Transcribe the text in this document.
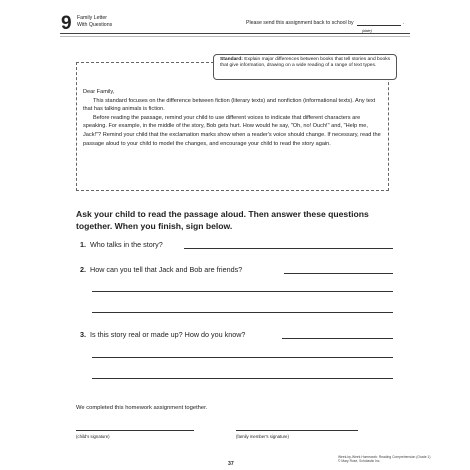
9 Family Letter
With Questions	Please send this assignment back to school by	.
(date)
Standard: Explain major differences between books that tell stories and books that give information, drawing on a wide reading of a range of text types.

Dear Family,

This standard focuses on the difference between fiction (literary texts) and nonfiction (informational texts). Any text that has talking animals is fiction.

Before reading the passage, remind your child to use different voices to indicate that different characters are speaking. For example, in the middle of the story, Bob gets hurt. How would he say, "Oh, no! Ouch!" and, "Help me, Jack!"? Remind your child that the exclamation marks show when a reader's voice should change. If necessary, read the passage aloud to your child to model the changes, and encourage your child to read the story again.

Ask your child to read the passage aloud. Then answer these questions together. When you finish, sign below.
1. Who talks in the story?
2. How can you tell that Jack and Bob are friends?
3. Is this story real or made up? How do you know?
We completed this homework assignment together.
(child's signature)	(family member's signature)
37
Week-by-Week Homework: Reading Comprehension (Grade 1)
© Mary Rose, Scholastic Inc.
